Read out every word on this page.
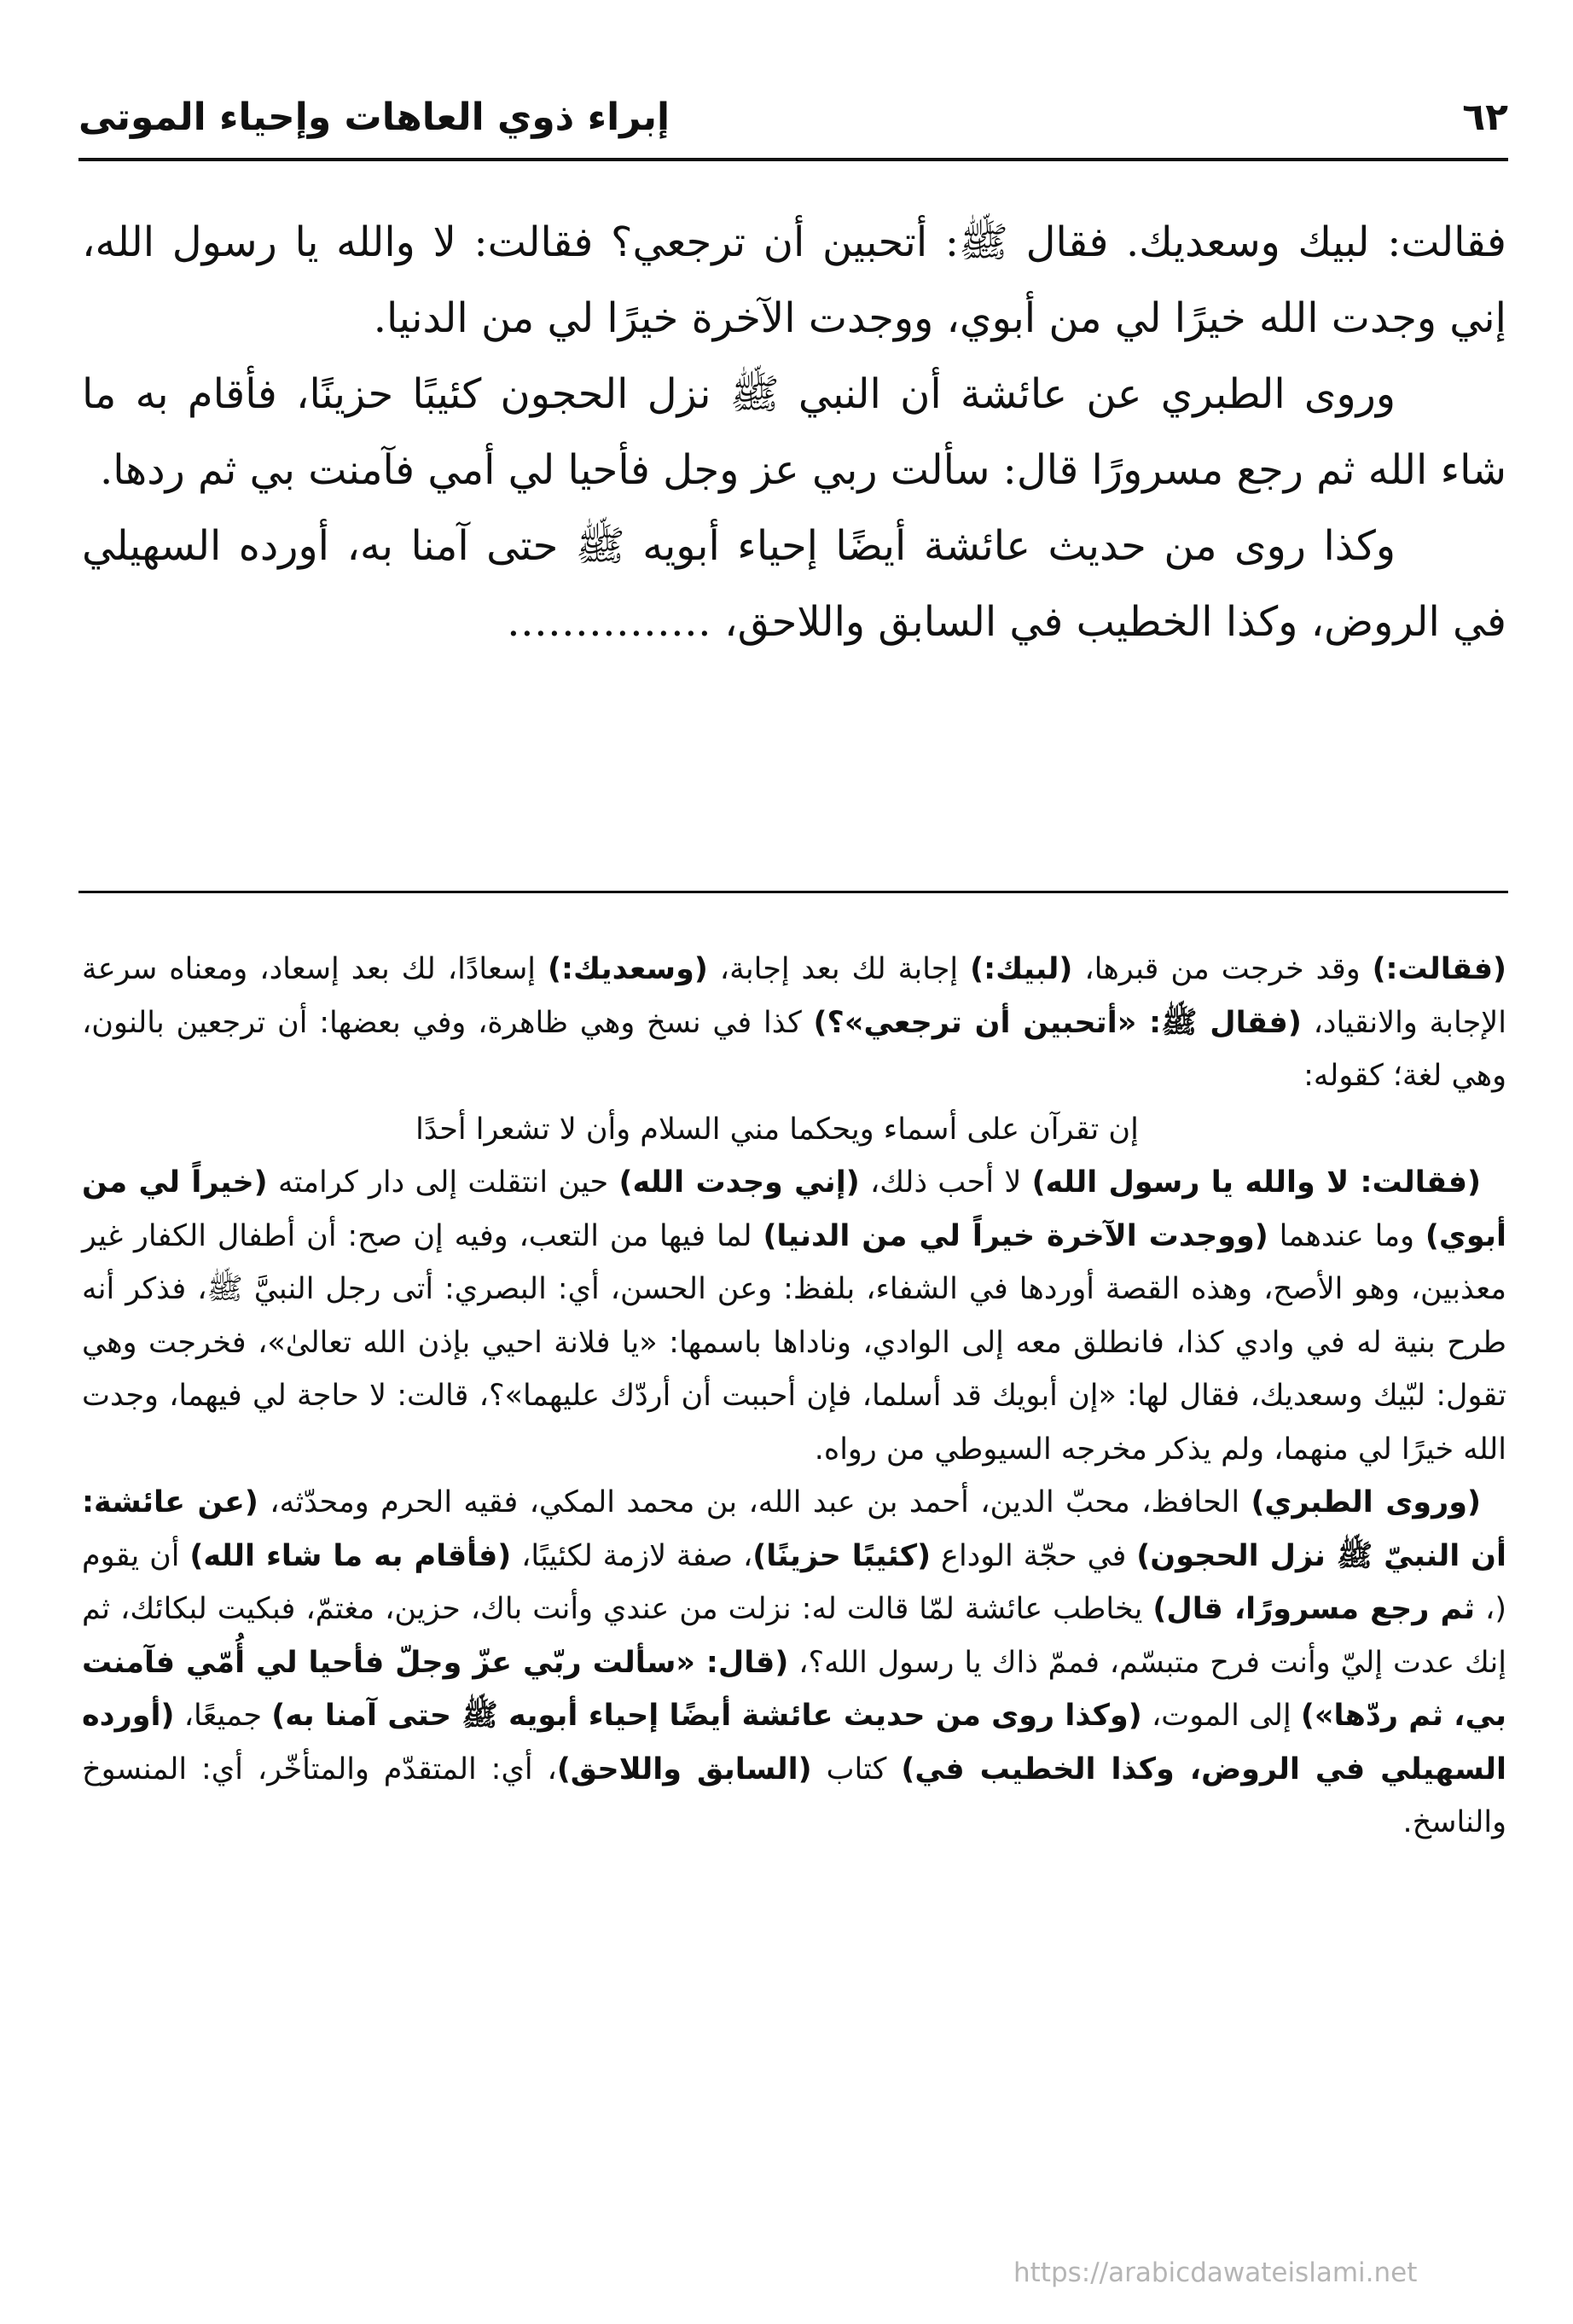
٦٢
إبراء ذوي العاهات وإحياء الموتى

فقالت: لبيك وسعديك. فقال ﷺ: أتحبين أن ترجعي؟ فقالت: لا والله يا رسول الله، إني وجدت الله خيرًا لي من أبوي، ووجدت الآخرة خيرًا لي من الدنيا.

وروى الطبري عن عائشة أن النبي ﷺ نزل الحجون كئيبًا حزينًا، فأقام به ما شاء الله ثم رجع مسرورًا قال: سألت ربي عز وجل فأحيا لي أمي فآمنت بي ثم ردها.

وكذا روى من حديث عائشة أيضًا إحياء أبويه ﷺ حتى آمنا به، أورده السهيلي في الروض، وكذا الخطيب في السابق واللاحق، ……………

(فقالت:) وقد خرجت من قبرها، (لبيك:) إجابة لك بعد إجابة، (وسعديك:) إسعادًا، لك بعد إسعاد، ومعناه سرعة الإجابة والانقياد، (فقال ﷺ: «أتحبين أن ترجعي»؟) كذا في نسخ وهي ظاهرة، وفي بعضها: أن ترجعين بالنون، وهي لغة؛ كقوله:

إن تقرآن على أسماء ويحكما مني السلام وأن لا تشعرا أحدًا

(فقالت: لا والله يا رسول الله) لا أحب ذلك، (إني وجدت الله) حين انتقلت إلى دار كرامته (خيراً لي من أبوي) وما عندهما (ووجدت الآخرة خيراً لي من الدنيا) لما فيها من التعب، وفيه إن صح: أن أطفال الكفار غير معذبين، وهو الأصح، وهذه القصة أوردها في الشفاء، بلفظ: وعن الحسن، أي: البصري: أتى رجل النبيَّ ﷺ، فذكر أنه طرح بنية له في وادي كذا، فانطلق معه إلى الوادي، وناداها باسمها: «يا فلانة احيي بإذن الله تعالىٰ»، فخرجت وهي تقول: لبّيك وسعديك، فقال لها: «إن أبويك قد أسلما، فإن أحببت أن أردّك عليهما»؟، قالت: لا حاجة لي فيهما، وجدت الله خيرًا لي منهما، ولم يذكر مخرجه السيوطي من رواه.

(وروى الطبري) الحافظ، محبّ الدين، أحمد بن عبد الله، بن محمد المكي، فقيه الحرم ومحدّثه، (عن عائشة: أن النبيّ ﷺ نزل الحجون) في حجّة الوداع (كئيبًا حزينًا)، صفة لازمة لكئيبًا، (فأقام به ما شاء الله) أن يقوم (، ثم رجع مسرورًا، قال) يخاطب عائشة لمّا قالت له: نزلت من عندي وأنت باك، حزين، مغتمّ، فبكيت لبكائك، ثم إنك عدت إليّ وأنت فرح متبسّم، فممّ ذاك يا رسول الله؟، (قال: «سألت ربّي عزّ وجلّ فأحيا لي أُمّي فآمنت بي، ثم ردّها») إلى الموت، (وكذا روى من حديث عائشة أيضًا إحياء أبويه ﷺ حتى آمنا به) جميعًا، (أورده السهيلي في الروض، وكذا الخطيب في) كتاب (السابق واللاحق)، أي: المتقدّم والمتأخّر، أي: المنسوخ والناسخ.

https://arabicdawateislami.net
